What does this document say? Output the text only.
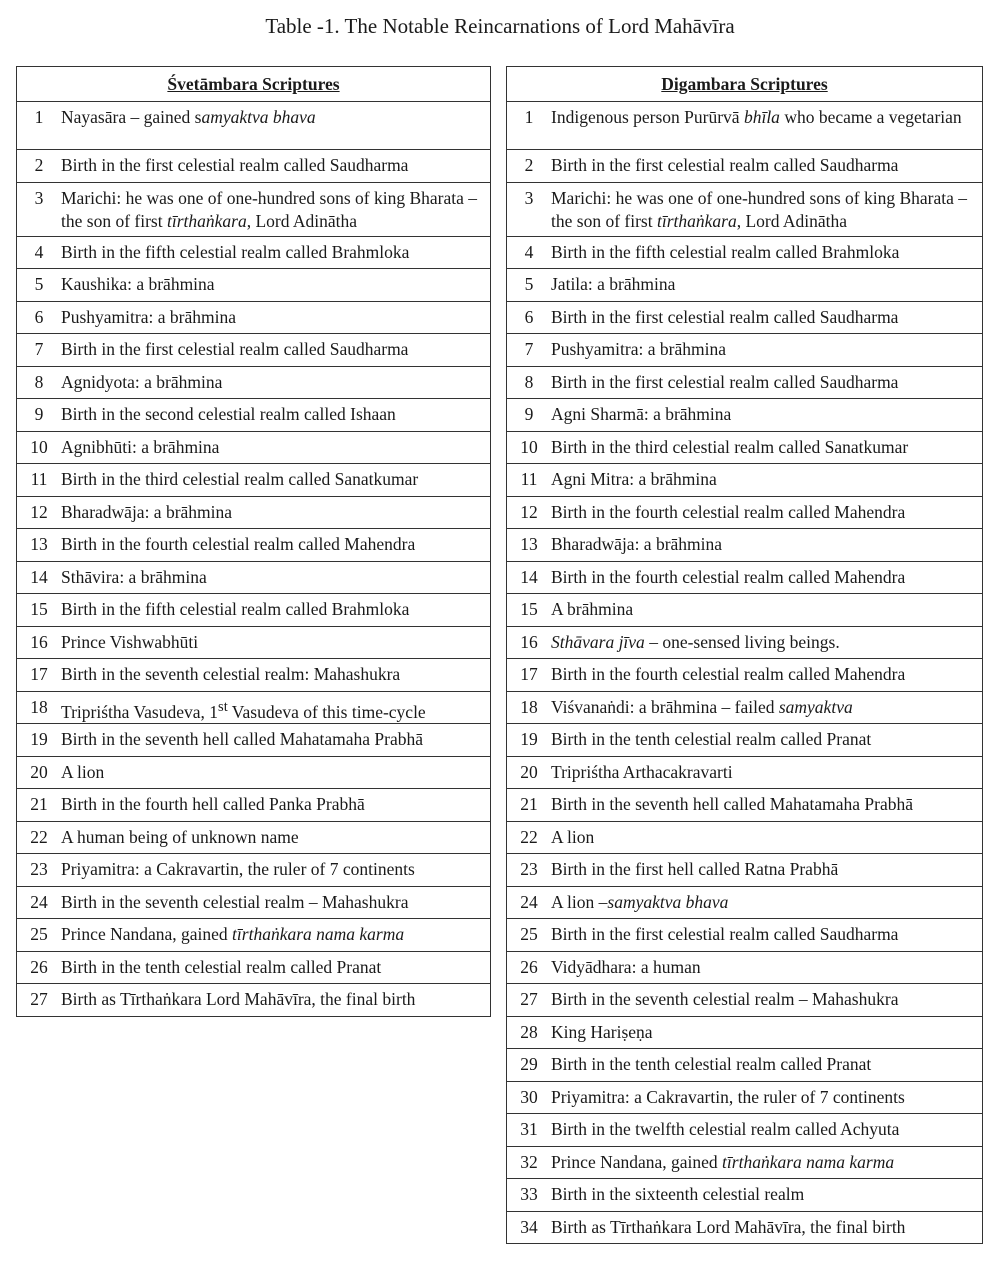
Table -1. The Notable Reincarnations of Lord Mahāvīra
Śvetāmbara Scriptures

1	Nayasāra – gained samyaktva bhava

2	Birth in the first celestial realm called Saudharma

3	Marichi: he was one of one-hundred sons of king Bharata – the son of first tīrthaṅkara, Lord Adinātha

4	Birth in the fifth celestial realm called Brahmloka

5	Kaushika: a brāhmina

6	Pushyamitra: a brāhmina

7	Birth in the first celestial realm called Saudharma

8	Agnidyota: a brāhmina

9	Birth in the second celestial realm called Ishaan

10 Agnibhūti: a brāhmina

11 Birth in the third celestial realm called Sanatkumar

12 Bharadwāja: a brāhmina

13 Birth in the fourth celestial realm called Mahendra

14 Sthāvira: a brāhmina

15 Birth in the fifth celestial realm called Brahmloka

16 Prince Vishwabhūti

17 Birth in the seventh celestial realm: Mahashukra

18 Tripriśtha Vasudeva, 1st Vasudeva of this time-cycle

19 Birth in the seventh hell called Mahatamaha Prabhā

20 A lion

21 Birth in the fourth hell called Panka Prabhā

22 A human being of unknown name

23 Priyamitra: a Cakravartin, the ruler of 7 continents

24 Birth in the seventh celestial realm – Mahashukra

25 Prince Nandana, gained tīrthaṅkara nama karma

26 Birth in the tenth celestial realm called Pranat

27 Birth as Tīrthaṅkara Lord Mahāvīra, the final birth
Digambara Scriptures

1	Indigenous person Purūrvā bhīla who became a vegetarian

2	Birth in the first celestial realm called Saudharma

3	Marichi: he was one of one-hundred sons of king Bharata – the son of first tīrthaṅkara, Lord Adinātha

4	Birth in the fifth celestial realm called Brahmloka

5	Jatila: a brāhmina

6	Birth in the first celestial realm called Saudharma

7	Pushyamitra: a brāhmina

8	Birth in the first celestial realm called Saudharma

9	Agni Sharmā: a brāhmina

10 Birth in the third celestial realm called Sanatkumar

11 Agni Mitra: a brāhmina

12 Birth in the fourth celestial realm called Mahendra

13 Bharadwāja: a brāhmina

14 Birth in the fourth celestial realm called Mahendra

15 A brāhmina

16 Sthāvara jīva – one-sensed living beings.

17 Birth in the fourth celestial realm called Mahendra

18 Viśvanaṅdi: a brāhmina – failed samyaktva

19 Birth in the tenth celestial realm called Pranat

20 Tripriśtha Arthacakravarti

21 Birth in the seventh hell called Mahatamaha Prabhā

22 A lion

23 Birth in the first hell called Ratna Prabhā

24 A lion –samyaktva bhava

25 Birth in the first celestial realm called Saudharma

26 Vidyādhara: a human

27 Birth in the seventh celestial realm – Mahashukra

28 King Hariṣeṇa

29 Birth in the tenth celestial realm called Pranat

30 Priyamitra: a Cakravartin, the ruler of 7 continents

31 Birth in the twelfth celestial realm called Achyuta

32 Prince Nandana, gained tīrthaṅkara nama karma

33 Birth in the sixteenth celestial realm

34 Birth as Tīrthaṅkara Lord Mahāvīra, the final birth
